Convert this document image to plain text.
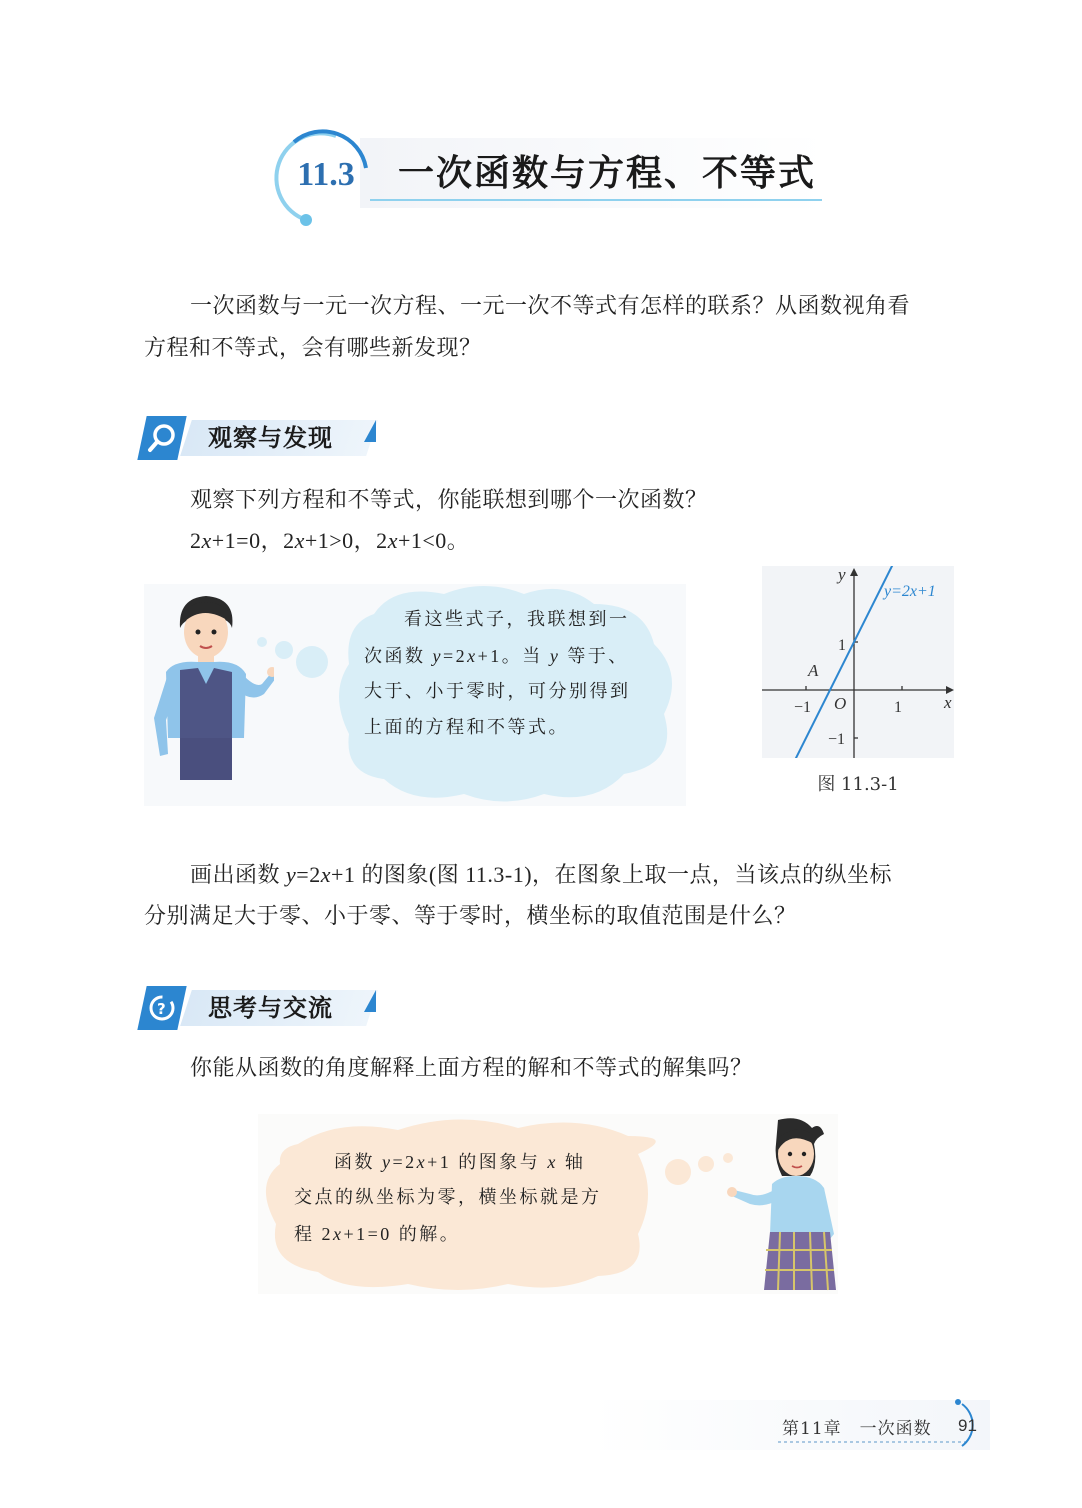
11.3	一次函数与方程、不等式
一次函数与一元一次方程、一元一次不等式有怎样的联系？从函数视角看
方程和不等式，会有哪些新发现？
观察与发现
观察下列方程和不等式，你能联想到哪个一次函数？
2x+1=0，2x+1>0，2x+1<0。
看这些式子，我联想到一
次函数 y=2x+1。当 y 等于、
大于、小于零时，可分别得到
上面的方程和不等式。
y
x
O
A
1
−1
1
−1
y=2x+1
图 11.3-1
画出函数 y=2x+1 的图象(图 11.3-1)，在图象上取一点，当该点的纵坐标
分别满足大于零、小于零、等于零时，横坐标的取值范围是什么？
? 思考与交流
你能从函数的角度解释上面方程的解和不等式的解集吗？
函数 y=2x+1 的图象与 x 轴
交点的纵坐标为零，横坐标就是方
程 2x+1=0 的解。
第11章　一次函数 91
